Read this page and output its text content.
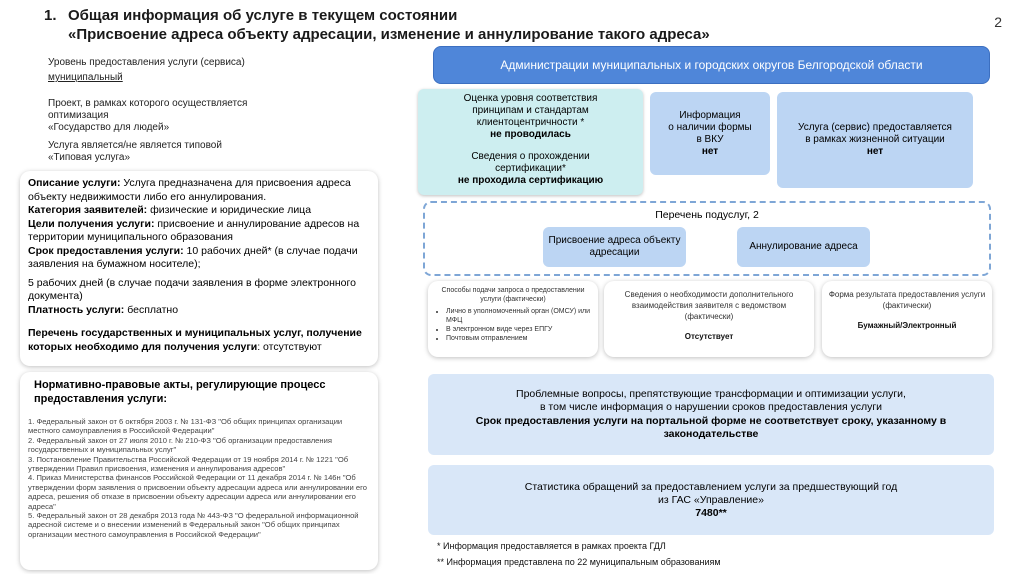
1. Общая информация об услуге в текущем состоянии
«Присвоение адреса объекту адресации, изменение и аннулирование такого адреса»
2
Уровень предоставления услуги (сервиса)
муниципальный
Проект, в рамках которого осуществляется
оптимизация
«Государство для людей»
Услуга является/не является типовой
«Типовая услуга»

Описание услуги: Услуга предназначена для присвоения адреса объекту недвижимости либо его аннулирования.

Категория заявителей: физические и юридические лица

Цели получения услуги: присвоение и аннулирование адресов на территории муниципального образования

Срок предоставления услуги: 10 рабочих дней* (в случае подачи заявления на бумажном носителе);

5 рабочих дней (в случае подачи заявления в форме электронного документа)

Платность услуги: бесплатно

Перечень государственных и муниципальных услуг, получение которых необходимо для получения услуги: отсутствуют

Нормативно-правовые акты, регулирующие процесс предоставления услуги:
1. Федеральный закон от 6 октября 2003 г. № 131-ФЗ "Об общих принципах организации местного самоуправления в Российской Федерации"
2. Федеральный закон от 27 июля 2010 г. № 210-ФЗ "Об организации предоставления государственных и муниципальных услуг"
3. Постановление Правительства Российской Федерации от 19 ноября 2014 г. № 1221 "Об утверждении Правил присвоения, изменения и аннулирования адресов"
4. Приказ Министерства финансов Российской Федерации от 11 декабря 2014 г. № 146н "Об утверждении форм заявления о присвоении объекту адресации адреса или аннулировании его адреса, решения об отказе в присвоении объекту адресации адреса или аннулировании его адреса"
5. Федеральный закон от 28 декабря 2013 года № 443-ФЗ "О федеральной информационной адресной системе и о внесении изменений в Федеральный закон "Об общих принципах организации местного самоуправления в Российской Федерации"
Администрации муниципальных и городских округов Белгородской области
Оценка уровня соответствия
принципам и стандартам
клиентоцентричности *
не проводилась
Сведения о прохождении
сертификации*
не проходила сертификацию
Информация
о наличии формы
в ВКУ
нет
Услуга (сервис) предоставляется
в рамках жизненной ситуации
нет
Перечень подуслуг, 2
Присвоение адреса объекту адресации
Аннулирование адреса
Способы подачи запроса о предоставлении услуги (фактически)
• Лично в уполномоченный орган (ОМСУ) или МФЦ
• В электронном виде через ЕПГУ
• Почтовым отправлением
Сведения о необходимости дополнительного взаимодействия заявителя с ведомством (фактически)
Отсутствует
Форма результата предоставления услуги (фактически)
Бумажный/Электронный
Проблемные вопросы, препятствующие трансформации и оптимизации услуги,
в том числе информация о нарушении сроков предоставления услуги
Срок предоставления услуги на портальной форме не соответствует сроку, указанному в законодательстве
Статистика обращений за предоставлением услуги за предшествующий год
из ГАС «Управление»
7480**
* Информация предоставляется в рамках проекта ГДЛ
** Информация представлена по 22 муниципальным образованиям
